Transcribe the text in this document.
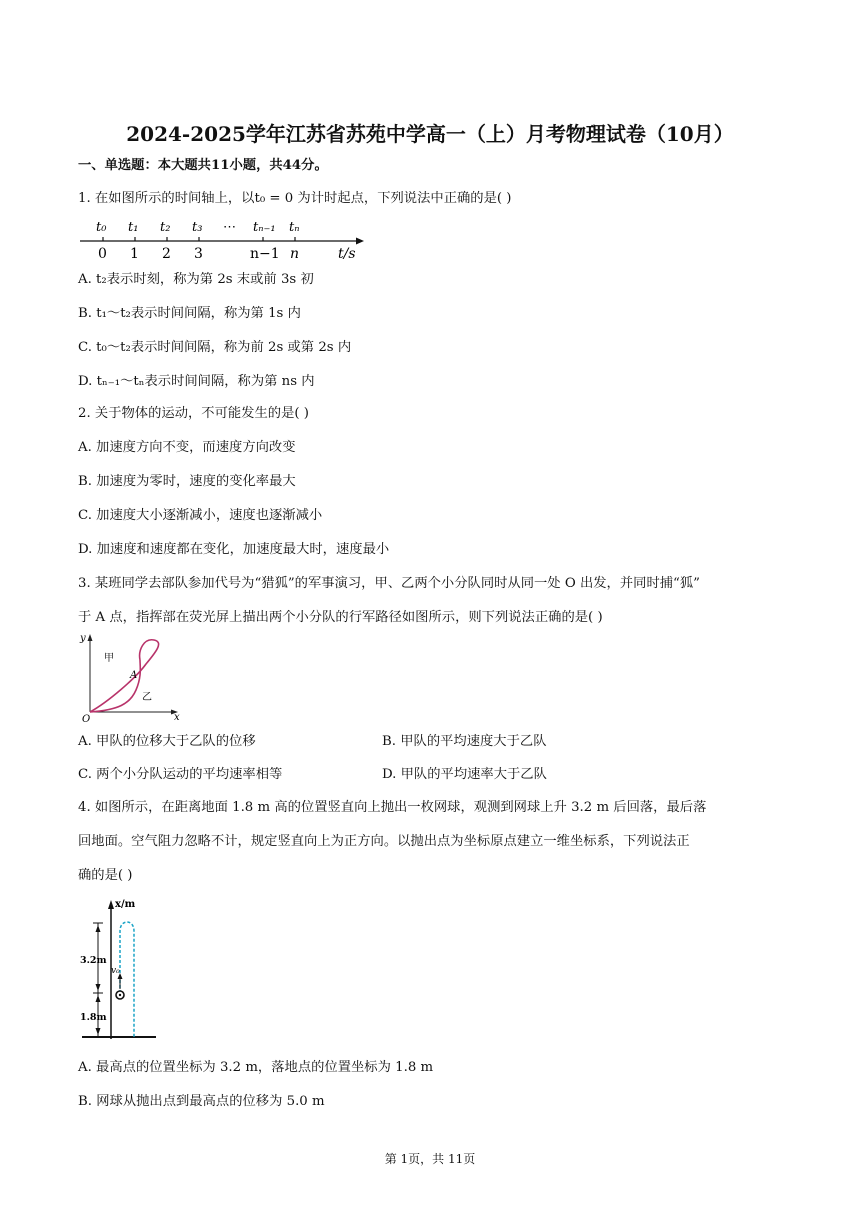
2024-2025学年江苏省苏苑中学高一（上）月考物理试卷（10月）
一、单选题：本大题共11小题，共44分。
1. 在如图所示的时间轴上，以t₀ = 0 为计时起点，下列说法中正确的是( )
t₀ t₁ t₂ t₃ ⋯ tₙ₋₁ tₙ
0 1 2 3	n−1 n	t/s
A. t₂表示时刻，称为第 2s 末或前 3s 初
B. t₁～t₂表示时间间隔，称为第 1s 内
C. t₀～t₂表示时间间隔，称为前 2s 或第 2s 内
D. tₙ₋₁～tₙ表示时间间隔，称为第 ns 内
2. 关于物体的运动，不可能发生的是( )
A. 加速度方向不变，而速度方向改变
B. 加速度为零时，速度的变化率最大
C. 加速度大小逐渐减小，速度也逐渐减小
D. 加速度和速度都在变化，加速度最大时，速度最小
3. 某班同学去部队参加代号为“猎狐”的军事演习，甲、乙两个小分队同时从同一处 O 出发，并同时捕“狐”
于 A 点，指挥部在荧光屏上描出两个小分队的行军路径如图所示，则下列说法正确的是( )
y
x
O
A
甲
乙
A. 甲队的位移大于乙队的位移	B. 甲队的平均速度大于乙队
C. 两个小分队运动的平均速率相等	D. 甲队的平均速率大于乙队
4. 如图所示，在距离地面 1.8 m 高的位置竖直向上抛出一枚网球，观测到网球上升 3.2 m 后回落，最后落
回地面。空气阻力忽略不计，规定竖直向上为正方向。以抛出点为坐标原点建立一维坐标系，下列说法正
确的是( )
x/m
3.2m
1.8m
v₀
A. 最高点的位置坐标为 3.2 m，落地点的位置坐标为 1.8 m
B. 网球从抛出点到最高点的位移为 5.0 m
第 1页，共 11页
